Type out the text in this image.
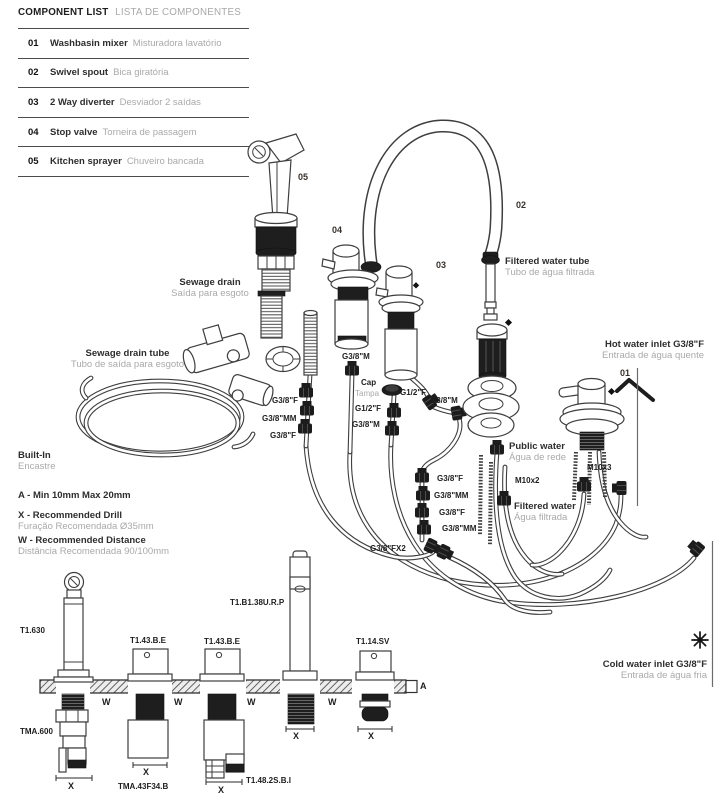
COMPONENT LIST LISTA DE COMPONENTES
01	Washbasin mixer Misturadora lavatório
02	Swivel spout Bica giratória
03	2 Way diverter Desviador 2 saídas
04	Stop valve Torneira de passagem
05	Kitchen sprayer Chuveiro bancada
05
04
03
02
01
Sewage drain
Saída para esgoto
Sewage drain tube
Tubo de saída para esgoto
Filtered water tube
Tubo de água filtrada
Hot water inlet G3/8"F
Entrada de água quente
Public water
Água de rede
Filtered water
Água filtrada
Cold water inlet G3/8"F
Entrada de água fria
Built-In
Encastre
A - Min 10mm Max 20mm
X - Recommended Drill
Furação Recomendada Ø35mm
W - Recommended Distance
Distância Recomendada 90/100mm
G3/8"M
Cap
Tampa	G1/2"F
G3/8"M
G1/2"F
G3/8"M
G3/8"F
G3/8"MM
G3/8"F
G3/8"F
G3/8"MM
G3/8"F
G3/8"MM
G3/8"FX2
M10x2
M10x3
T1.630
T1.43.B.E	T1.43.B.E
T1.B1.38U.R.P
T1.14.SV
TMA.600
TMA.43F34.B
T1.48.2S.B.I
A
W	W	W	W
X
X
X
X	X
